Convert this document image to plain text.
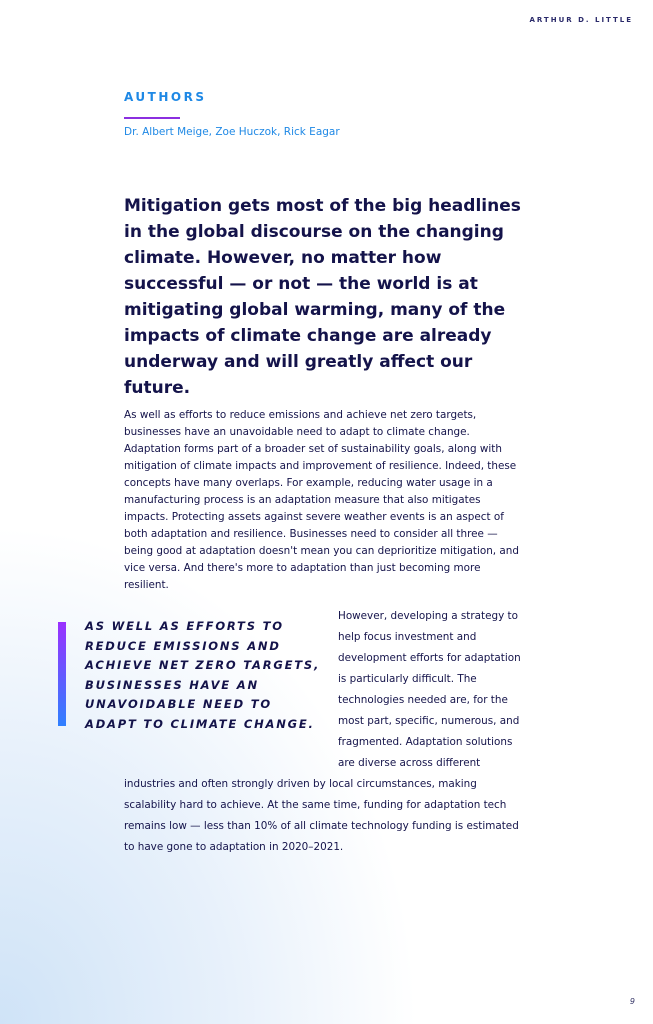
ARTHUR D. LITTLE
AUTHORS
Dr. Albert Meige, Zoe Huczok, Rick Eagar

Mitigation gets most of the big headlines in the global discourse on the changing climate. However, no matter how successful — or not — the world is at mitigating global warming, many of the impacts of climate change are already underway and will greatly affect our future.

As well as efforts to reduce emissions and achieve net zero targets, businesses have an unavoidable need to adapt to climate change. Adaptation forms part of a broader set of sustainability goals, along with mitigation of climate impacts and improvement of resilience. Indeed, these concepts have many overlaps. For example, reducing water usage in a manufacturing process is an adaptation measure that also mitigates impacts. Protecting assets against severe weather events is an aspect of both adaptation and resilience. Businesses need to consider all three — being good at adaptation doesn't mean you can deprioritize mitigation, and vice versa. And there's more to adaptation than just becoming more resilient.

AS WELL AS EFFORTS TO REDUCE EMISSIONS AND ACHIEVE NET ZERO TARGETS, BUSINESSES HAVE AN UNAVOIDABLE NEED TO ADAPT TO CLIMATE CHANGE.

However, developing a strategy to help focus investment and development efforts for adaptation is particularly difficult. The technologies needed are, for the most part, specific, numerous, and fragmented. Adaptation solutions are diverse across different industries and often strongly driven by local circumstances, making scalability hard to achieve. At the same time, funding for adaptation tech remains low — less than 10% of all climate technology funding is estimated to have gone to adaptation in 2020–2021.
9
